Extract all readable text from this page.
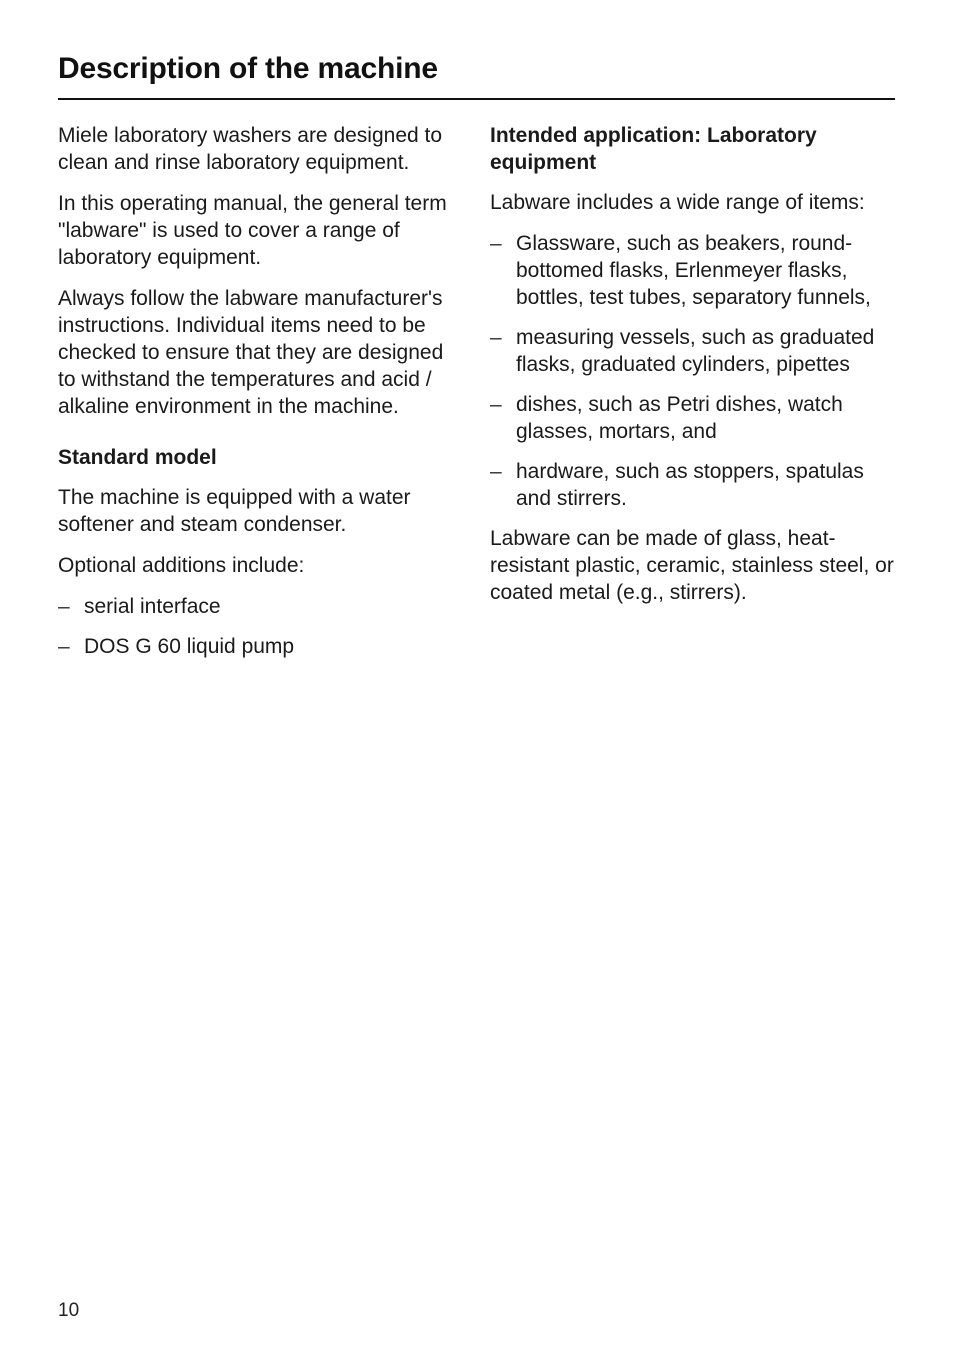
Description of the machine

Miele laboratory washers are designed to clean and rinse laboratory equipment.

In this operating manual, the general term "labware" is used to cover a range of laboratory equipment.

Always follow the labware manufacturer's instructions. Individual items need to be checked to ensure that they are designed to withstand the temperatures and acid / alkaline environment in the machine.

Standard model

The machine is equipped with a water softener and steam condenser.

Optional additions include:

– serial interface
– DOS G 60 liquid pump
Intended application: Laboratory equipment

Labware includes a wide range of items:

– Glassware, such as beakers, round-bottomed flasks, Erlenmeyer flasks, bottles, test tubes, separatory funnels,
– measuring vessels, such as graduated flasks, graduated cylinders, pipettes
– dishes, such as Petri dishes, watch glasses, mortars, and
– hardware, such as stoppers, spatulas and stirrers.

Labware can be made of glass, heat-resistant plastic, ceramic, stainless steel, or coated metal (e.g., stirrers).

10
